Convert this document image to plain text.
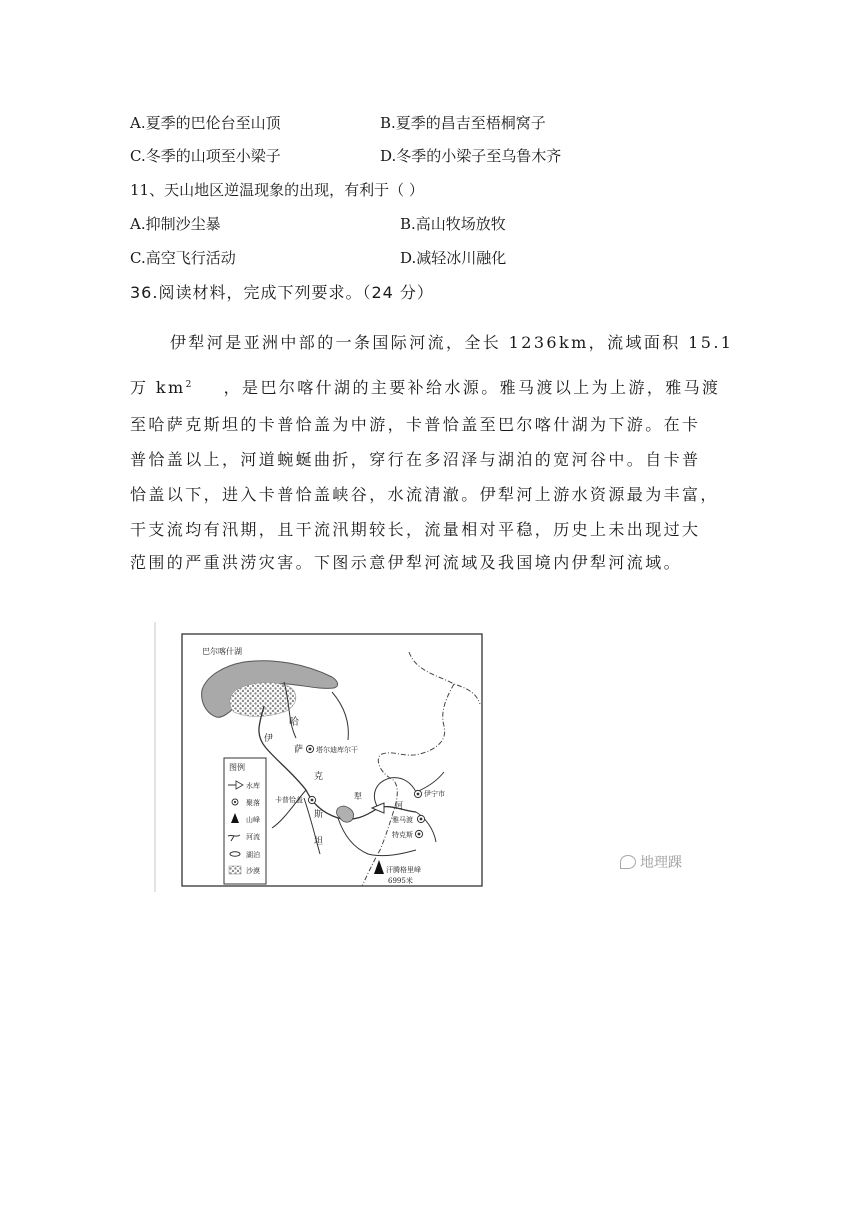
A.夏季的巴伦台至山顶	B.夏季的昌吉至梧桐窝子
C.冬季的山项至小梁子	D.冬季的小梁子至乌鲁木齐
11、天山地区逆温现象的出现，有利于（ ）
A.抑制沙尘暴	B.高山牧场放牧
C.高空飞行活动	D.减轻冰川融化
36.阅读材料，完成下列要求。（24 分）
伊犁河是亚洲中部的一条国际河流，全长 1236km，流域面积 15.1
万 $km^2$ ，是巴尔喀什湖的主要补给水源。雅马渡以上为上游，雅马渡
至哈萨克斯坦的卡普恰盖为中游，卡普恰盖至巴尔喀什湖为下游。在卡
普恰盖以上，河道蜿蜒曲折，穿行在多沼泽与湖泊的宽河谷中。自卡普
恰盖以下，进入卡普恰盖峡谷，水流清澈。伊犁河上游水资源最为丰富，
干支流均有汛期，且干流汛期较长，流量相对平稳，历史上未出现过大
范围的严重洪涝灾害。下图示意伊犁河流域及我国境内伊犁河流域。
巴尔喀什湖
哈
萨
克
斯
坦
伊
犁
河
塔尔迪库尔干
卡普恰盖
伊宁市
雅马渡
特克斯
汗腾格里峰
6995米
图例
水库
聚落
山峰
河流
湖泊
沙漠	地理踝
